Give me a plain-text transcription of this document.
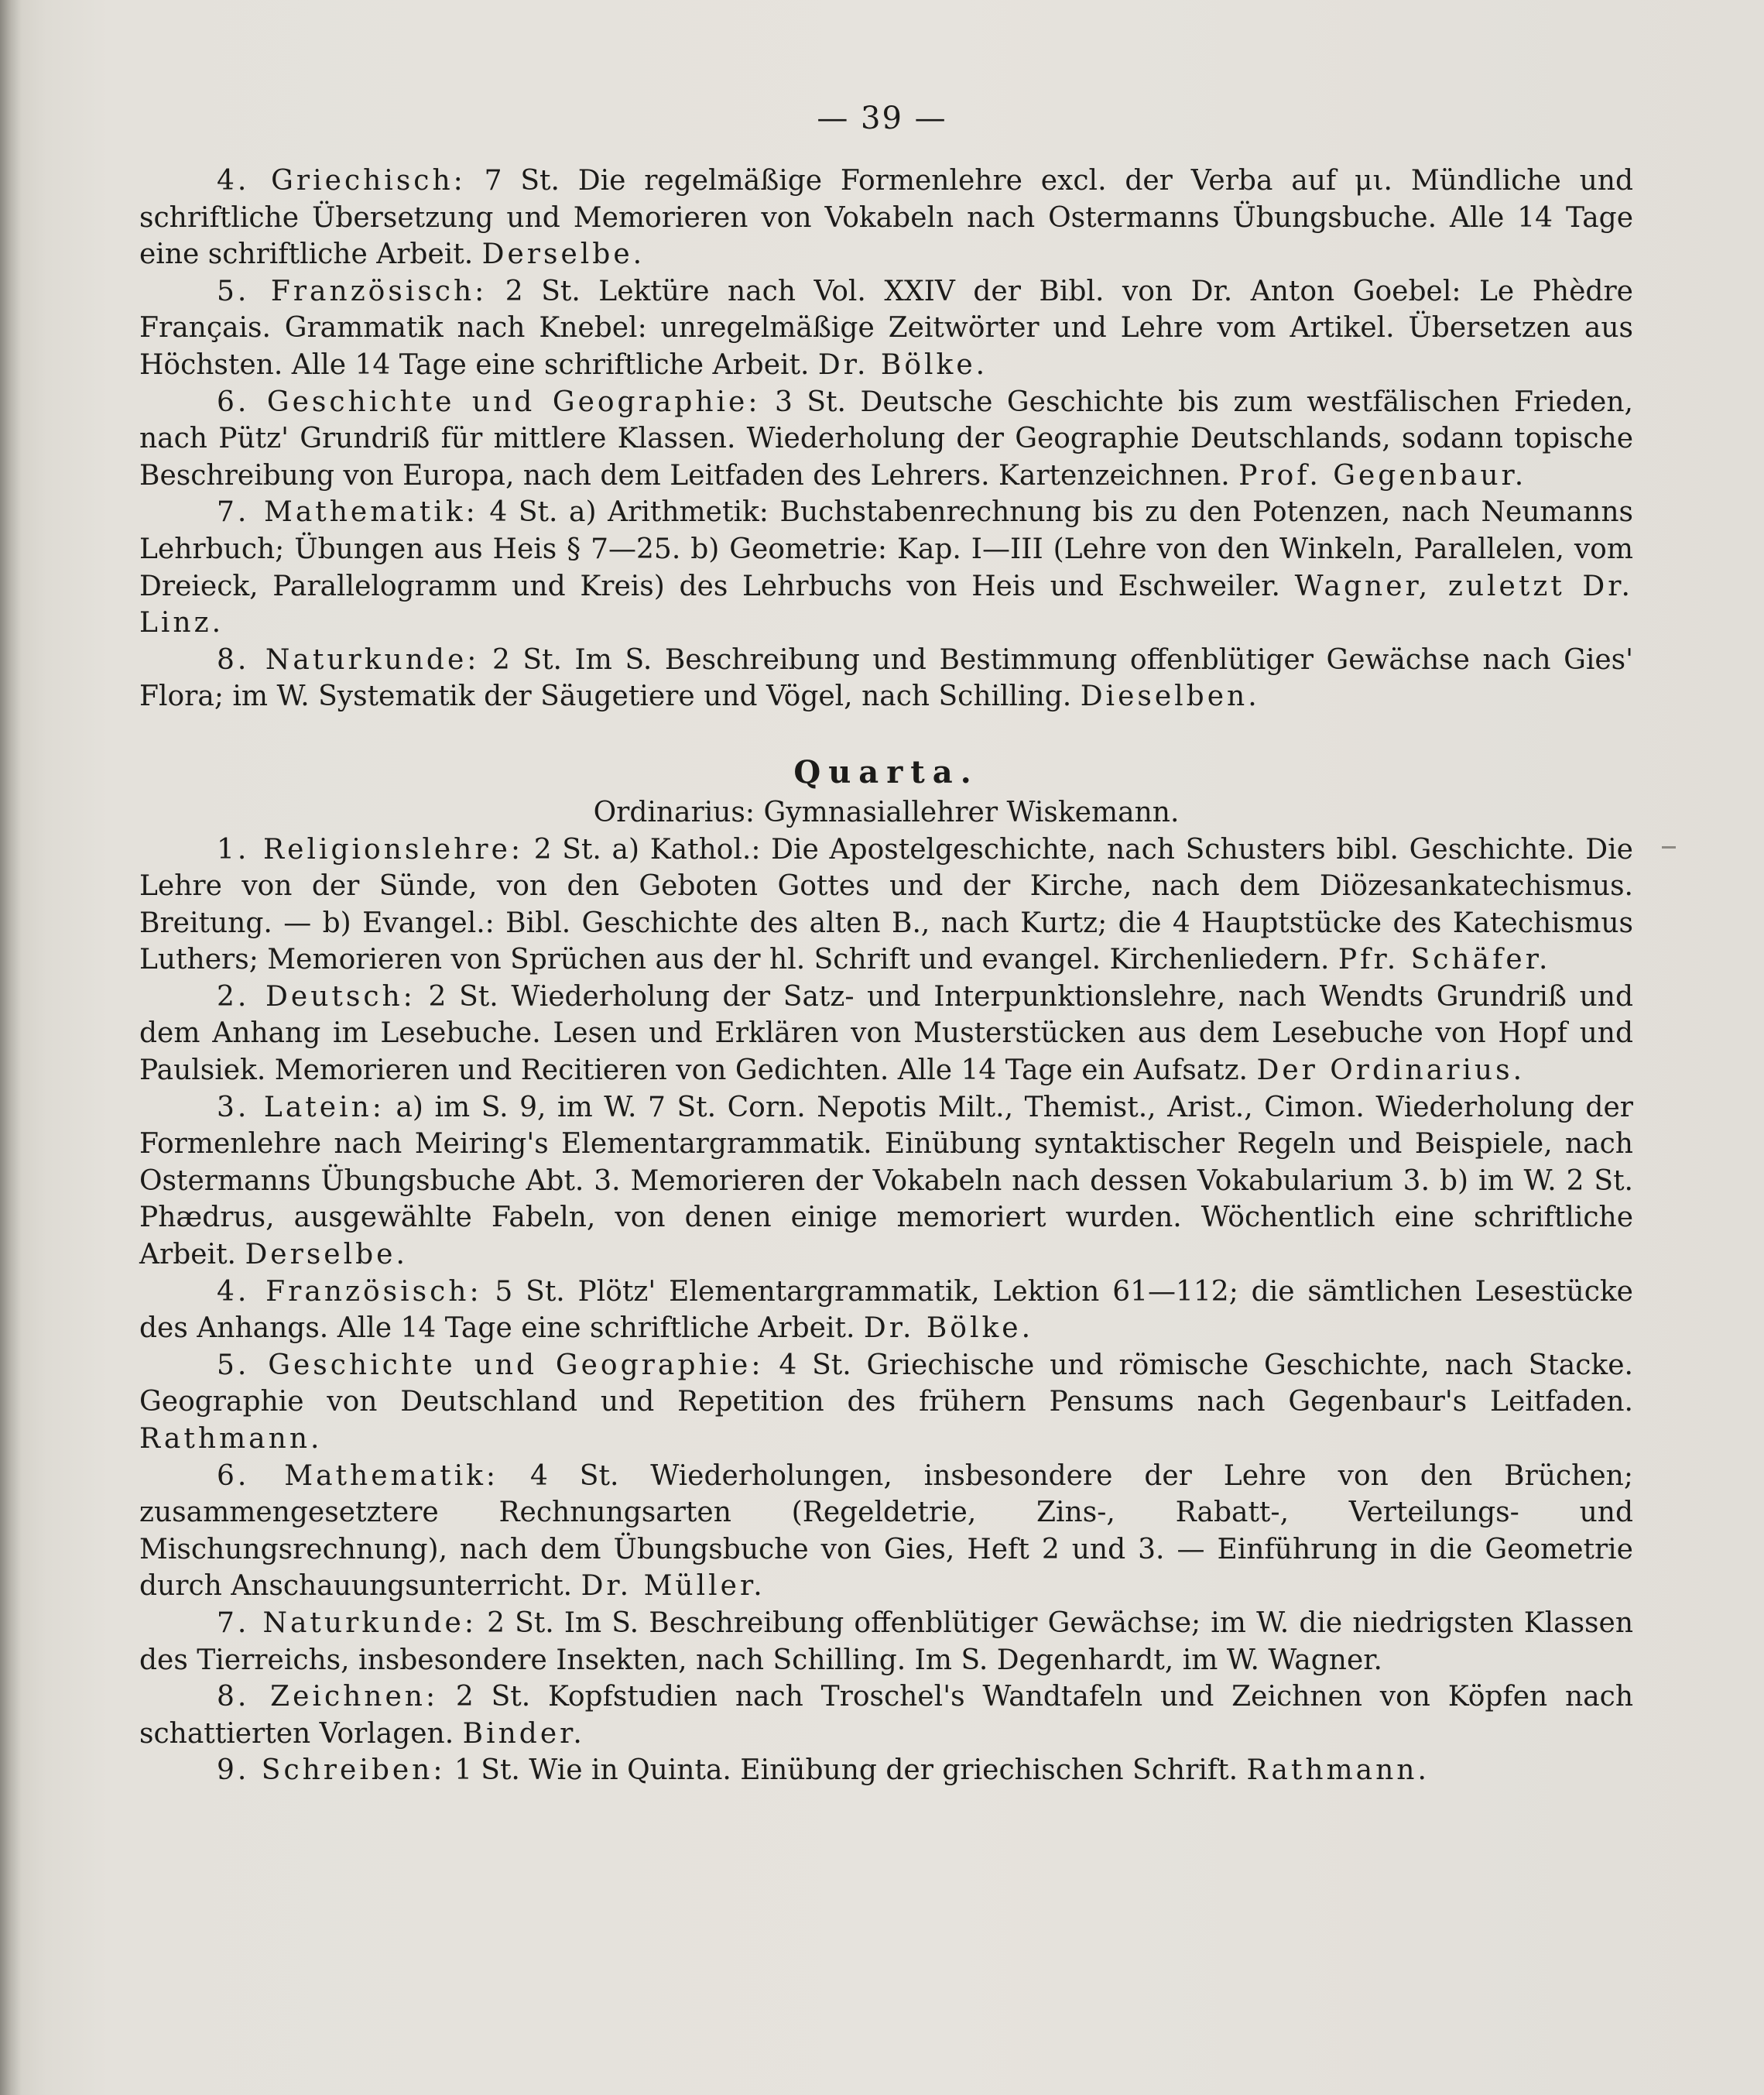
— 39 —

4. Griechisch: 7 St. Die regelmäßige Formenlehre excl. der Verba auf μι. Mündliche und schriftliche Übersetzung und Memorieren von Vokabeln nach Ostermanns Übungsbuche. Alle 14 Tage eine schriftliche Arbeit. Derselbe.

5. Französisch: 2 St. Lektüre nach Vol. XXIV der Bibl. von Dr. Anton Goebel: Le Phèdre Français. Grammatik nach Knebel: unregelmäßige Zeitwörter und Lehre vom Artikel. Übersetzen aus Höchsten. Alle 14 Tage eine schriftliche Arbeit. Dr. Bölke.

6. Geschichte und Geographie: 3 St. Deutsche Geschichte bis zum westfälischen Frieden, nach Pütz' Grundriß für mittlere Klassen. Wiederholung der Geographie Deutschlands, sodann topische Beschreibung von Europa, nach dem Leitfaden des Lehrers. Kartenzeichnen. Prof. Gegenbaur.

7. Mathematik: 4 St. a) Arithmetik: Buchstabenrechnung bis zu den Potenzen, nach Neumanns Lehrbuch; Übungen aus Heis § 7—25. b) Geometrie: Kap. I—III (Lehre von den Winkeln, Parallelen, vom Dreieck, Parallelogramm und Kreis) des Lehrbuchs von Heis und Eschweiler. Wagner, zuletzt Dr. Linz.

8. Naturkunde: 2 St. Im S. Beschreibung und Bestimmung offenblütiger Gewächse nach Gies' Flora; im W. Systematik der Säugetiere und Vögel, nach Schilling. Dieselben.

Quarta.
Ordinarius: Gymnasiallehrer Wiskemann.

1. Religionslehre: 2 St. a) Kathol.: Die Apostelgeschichte, nach Schusters bibl. Geschichte. Die Lehre von der Sünde, von den Geboten Gottes und der Kirche, nach dem Diözesankatechismus. Breitung. — b) Evangel.: Bibl. Geschichte des alten B., nach Kurtz; die 4 Hauptstücke des Katechismus Luthers; Memorieren von Sprüchen aus der hl. Schrift und evangel. Kirchenliedern. Pfr. Schäfer.

2. Deutsch: 2 St. Wiederholung der Satz- und Interpunktionslehre, nach Wendts Grundriß und dem Anhang im Lesebuche. Lesen und Erklären von Musterstücken aus dem Lesebuche von Hopf und Paulsiek. Memorieren und Recitieren von Gedichten. Alle 14 Tage ein Aufsatz. Der Ordinarius.

3. Latein: a) im S. 9, im W. 7 St. Corn. Nepotis Milt., Themist., Arist., Cimon. Wiederholung der Formenlehre nach Meiring's Elementargrammatik. Einübung syntaktischer Regeln und Beispiele, nach Ostermanns Übungsbuche Abt. 3. Memorieren der Vokabeln nach dessen Vokabularium 3. b) im W. 2 St. Phædrus, ausgewählte Fabeln, von denen einige memoriert wurden. Wöchentlich eine schriftliche Arbeit. Derselbe.

4. Französisch: 5 St. Plötz' Elementargrammatik, Lektion 61—112; die sämtlichen Lesestücke des Anhangs. Alle 14 Tage eine schriftliche Arbeit. Dr. Bölke.

5. Geschichte und Geographie: 4 St. Griechische und römische Geschichte, nach Stacke. Geographie von Deutschland und Repetition des frühern Pensums nach Gegenbaur's Leitfaden. Rathmann.

6. Mathematik: 4 St. Wiederholungen, insbesondere der Lehre von den Brüchen; zusammengesetztere Rechnungsarten (Regeldetrie, Zins-, Rabatt-, Verteilungs- und Mischungsrechnung), nach dem Übungsbuche von Gies, Heft 2 und 3. — Einführung in die Geometrie durch Anschauungsunterricht. Dr. Müller.

7. Naturkunde: 2 St. Im S. Beschreibung offenblütiger Gewächse; im W. die niedrigsten Klassen des Tierreichs, insbesondere Insekten, nach Schilling. Im S. Degenhardt, im W. Wagner.

8. Zeichnen: 2 St. Kopfstudien nach Troschel's Wandtafeln und Zeichnen von Köpfen nach schattierten Vorlagen. Binder.

9. Schreiben: 1 St. Wie in Quinta. Einübung der griechischen Schrift. Rathmann.
